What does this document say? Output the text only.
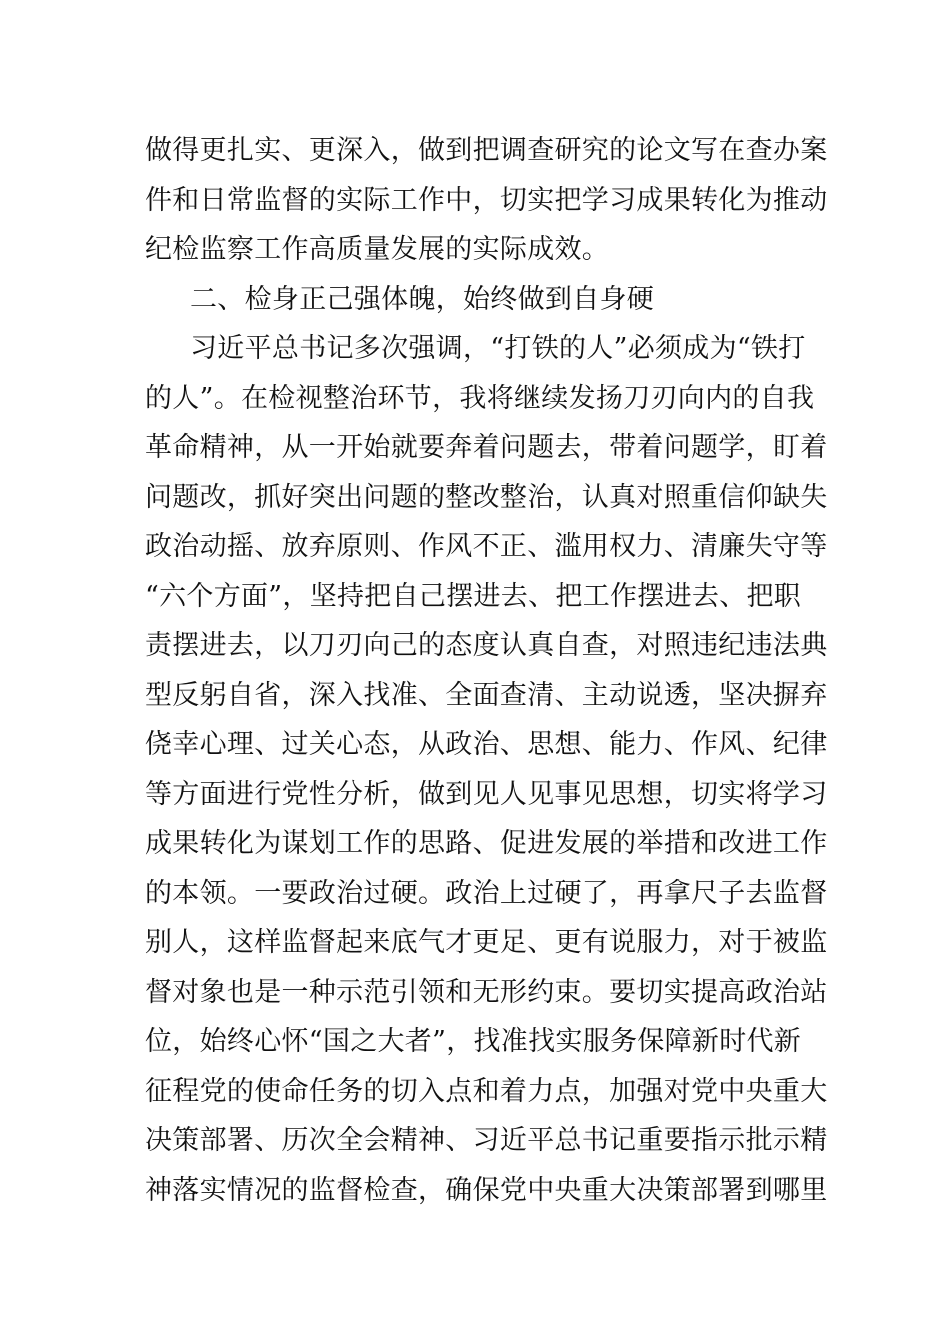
做得更扎实、更深入，做到把调查研究的论文写在查办案
件和日常监督的实际工作中，切实把学习成果转化为推动
纪检监察工作高质量发展的实际成效。
二、检身正己强体魄，始终做到自身硬
习近平总书记多次强调，“打铁的人”必须成为“铁打
的人”。在检视整治环节，我将继续发扬刀刃向内的自我
革命精神，从一开始就要奔着问题去，带着问题学，盯着
问题改，抓好突出问题的整改整治，认真对照重信仰缺失
政治动摇、放弃原则、作风不正、滥用权力、清廉失守等
“六个方面”，坚持把自己摆进去、把工作摆进去、把职
责摆进去，以刀刃向己的态度认真自查，对照违纪违法典
型反躬自省，深入找准、全面查清、主动说透，坚决摒弃
侥幸心理、过关心态，从政治、思想、能力、作风、纪律
等方面进行党性分析，做到见人见事见思想，切实将学习
成果转化为谋划工作的思路、促进发展的举措和改进工作
的本领。一要政治过硬。政治上过硬了，再拿尺子去监督
别人，这样监督起来底气才更足、更有说服力，对于被监
督对象也是一种示范引领和无形约束。要切实提高政治站
位，始终心怀“国之大者”，找准找实服务保障新时代新
征程党的使命任务的切入点和着力点，加强对党中央重大
决策部署、历次全会精神、习近平总书记重要指示批示精
神落实情况的监督检查，确保党中央重大决策部署到哪里
